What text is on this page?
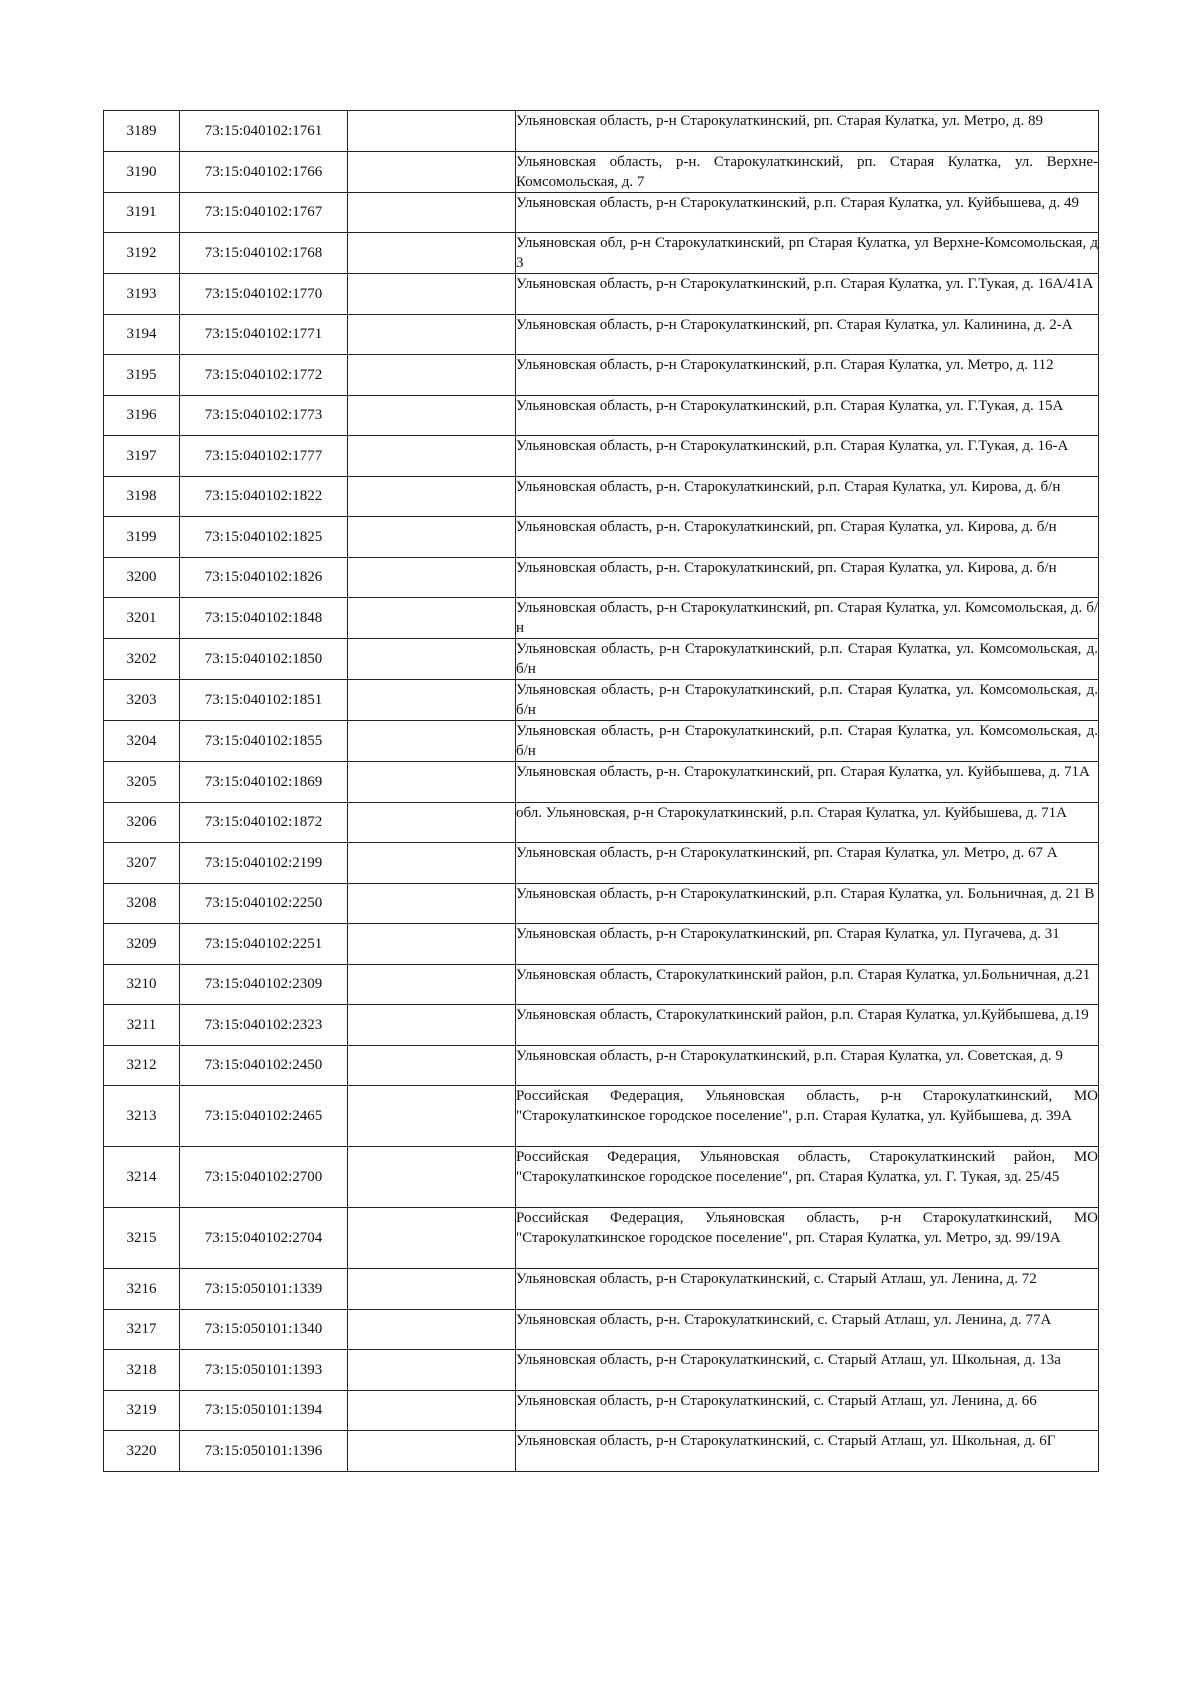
3189	73:15:040102:1761		Ульяновская область, р-н Старокулаткинский, рп. Старая Кулатка, ул. Метро, д. 89
3190	73:15:040102:1766		Ульяновская область, р-н. Старокулаткинский, рп. Старая Кулатка, ул. Верхне-Комсомольская, д. 7
3191	73:15:040102:1767		Ульяновская область, р-н Старокулаткинский, р.п. Старая Кулатка, ул. Куйбышева, д. 49
3192	73:15:040102:1768		Ульяновская обл, р-н Старокулаткинский, рп Старая Кулатка, ул Верхне-Комсомольская, д 3
3193	73:15:040102:1770		Ульяновская область, р-н Старокулаткинский, р.п. Старая Кулатка, ул. Г.Тукая, д. 16А/41А
3194	73:15:040102:1771		Ульяновская область, р-н Старокулаткинский, рп. Старая Кулатка, ул. Калинина, д. 2-А
3195	73:15:040102:1772		Ульяновская область, р-н Старокулаткинский, р.п. Старая Кулатка, ул. Метро, д. 112
3196	73:15:040102:1773		Ульяновская область, р-н Старокулаткинский, р.п. Старая Кулатка, ул. Г.Тукая, д. 15А
3197	73:15:040102:1777		Ульяновская область, р-н Старокулаткинский, р.п. Старая Кулатка, ул. Г.Тукая, д. 16-А
3198	73:15:040102:1822		Ульяновская область, р-н. Старокулаткинский, р.п. Старая Кулатка, ул. Кирова, д. б/н
3199	73:15:040102:1825		Ульяновская область, р-н. Старокулаткинский, рп. Старая Кулатка, ул. Кирова, д. б/н
3200	73:15:040102:1826		Ульяновская область, р-н. Старокулаткинский, рп. Старая Кулатка, ул. Кирова, д. б/н
3201	73:15:040102:1848		Ульяновская область, р-н Старокулаткинский, рп. Старая Кулатка, ул. Комсомольская, д. б/н
3202	73:15:040102:1850		Ульяновская область, р-н Старокулаткинский, р.п. Старая Кулатка, ул. Комсомольская, д. б/н
3203	73:15:040102:1851		Ульяновская область, р-н Старокулаткинский, р.п. Старая Кулатка, ул. Комсомольская, д. б/н
3204	73:15:040102:1855		Ульяновская область, р-н Старокулаткинский, р.п. Старая Кулатка, ул. Комсомольская, д. б/н
3205	73:15:040102:1869		Ульяновская область, р-н. Старокулаткинский, рп. Старая Кулатка, ул. Куйбышева, д. 71А
3206	73:15:040102:1872		обл. Ульяновская, р-н Старокулаткинский, р.п. Старая Кулатка, ул. Куйбышева, д. 71А
3207	73:15:040102:2199		Ульяновская область, р-н Старокулаткинский, рп. Старая Кулатка, ул. Метро, д. 67 А
3208	73:15:040102:2250		Ульяновская область, р-н Старокулаткинский, р.п. Старая Кулатка, ул. Больничная, д. 21 В
3209	73:15:040102:2251		Ульяновская область, р-н Старокулаткинский, рп. Старая Кулатка, ул. Пугачева, д. 31
3210	73:15:040102:2309		Ульяновская область, Старокулаткинский район, р.п. Старая Кулатка, ул.Больничная, д.21
3211	73:15:040102:2323		Ульяновская область, Старокулаткинский район, р.п. Старая Кулатка, ул.Куйбышева, д.19
3212	73:15:040102:2450		Ульяновская область, р-н Старокулаткинский, р.п. Старая Кулатка, ул. Советская, д. 9
3213	73:15:040102:2465		Российская Федерация, Ульяновская область, р-н Старокулаткинский, МО "Старокулаткинское городское поселение", р.п. Старая Кулатка, ул. Куйбышева, д. 39А
3214	73:15:040102:2700		Российская Федерация, Ульяновская область, Старокулаткинский район, МО "Старокулаткинское городское поселение", рп. Старая Кулатка, ул. Г. Тукая, зд. 25/45
3215	73:15:040102:2704		Российская Федерация, Ульяновская область, р-н Старокулаткинский, МО "Старокулаткинское городское поселение", рп. Старая Кулатка, ул. Метро, зд. 99/19А
3216	73:15:050101:1339		Ульяновская область, р-н Старокулаткинский, с. Старый Атлаш, ул. Ленина, д. 72
3217	73:15:050101:1340		Ульяновская область, р-н. Старокулаткинский, с. Старый Атлаш, ул. Ленина, д. 77А
3218	73:15:050101:1393		Ульяновская область, р-н Старокулаткинский, с. Старый Атлаш, ул. Школьная, д. 13а
3219	73:15:050101:1394		Ульяновская область, р-н Старокулаткинский, с. Старый Атлаш, ул. Ленина, д. 66
3220	73:15:050101:1396		Ульяновская область, р-н Старокулаткинский, с. Старый Атлаш, ул. Школьная, д. 6Г
